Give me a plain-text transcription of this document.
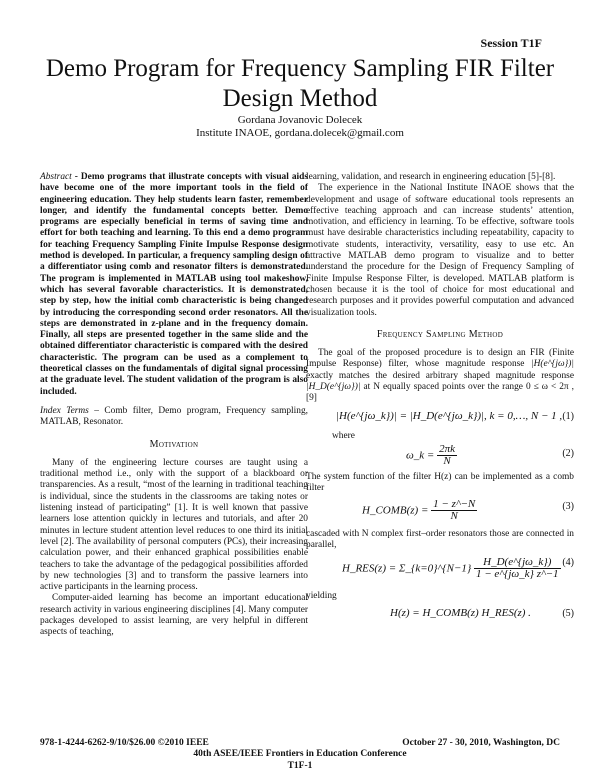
Session T1F
Demo Program for Frequency Sampling FIR Filter Design Method
Gordana Jovanovic Dolecek
Institute INAOE, gordana.dolecek@gmail.com

Abstract - Demo programs that illustrate concepts with visual aids have become one of the more important tools in the field of engineering education. They help students learn faster, remember longer, and identify the fundamental concepts better. Demo programs are especially beneficial in terms of saving time and effort for both teaching and learning. To this end a demo program for teaching Frequency Sampling Finite Impulse Response design method is developed. In particular, a frequency sampling design of a differentiator using comb and resonator filters is demonstrated. The program is implemented in MATLAB using tool makeshow, which has several favorable characteristics. It is demonstrated, step by step, how the initial comb characteristic is being changed by introducing the corresponding second order resonators. All the steps are demonstrated in z-plane and in the frequency domain. Finally, all steps are presented together in the same slide and the obtained differentiator characteristic is compared with the desired characteristic. The program can be used as a complement to theoretical classes on the fundamentals of digital signal processing at the graduate level. The student validation of the program is also included.

Index Terms – Comb filter, Demo program, Frequency sampling, MATLAB, Resonator.

Motivation

Many of the engineering lecture courses are taught using a traditional method i.e., only with the support of a blackboard or transparencies. As a result, “most of the learning in traditional teaching is individual, since the students in the classrooms are taking notes or listening instead of participating” [1]. It is well known that passive learners lose attention quickly in lectures and tutorials, and after 20 minutes in lecture student attention level reduces to one third its initial level [2]. The availability of personal computers (PCs), their increasing calculation power, and their enhanced graphical possibilities enable teachers to take the advantage of the pedagogical possibilities afforded by new technologies [3] and to transform the passive learners into active participants in the learning process.

Computer-aided learning has become an important educational research activity in various engineering disciplines [4]. Many computer packages developed to assist learning, are very helpful in different aspects of teaching,

learning, validation, and research in engineering education [5]-[8].

The experience in the National Institute INAOE shows that the development and usage of software educational tools represents an effective teaching approach and can increase students’ attention, motivation, and efficiency in learning. To be effective, software tools must have desirable characteristics including repeatability, capacity to motivate students, interactivity, versatility, easy to use etc. An attractive MATLAB demo program to visualize and to better understand the procedure for the Design of Frequency Sampling of Finite Impulse Response Filter, is developed. MATLAB platform is chosen because it is the tool of choice for most educational and research purposes and it provides powerful computation and advanced visualization tools.

Frequency Sampling Method

The goal of the proposed procedure is to design an FIR (Finite Impulse Response) filter, whose magnitude response |H(e^{jω})| exactly matches the desired arbitrary shaped magnitude response |H_D(e^{jω})| at N equally spaced points over the range 0 ≤ ω < 2π , [9]

|H(e^{jω_k})| = |H_D(e^{jω_k})|, k = 0,…, N − 1 , (1)

where

ω_k = $\frac{2\pi k}{N}$	(2)

The system function of the filter H(z) can be implemented as a comb filter

H_COMB(z) = $\frac{1 - z\^{}-N}{N}$	(3)

cascaded with N complex first–order resonators those are connected in parallel,

H_RES(z) = Σ_{k=0}^{N−1} $\frac{H\_D(e\^{}\{j\omega\_k\})}{1 - e\^{}\{j\omega\_k\} z\^{}-1} (4)$

yielding

H(z) = H_COMB(z) H_RES(z) .	(5)
978-1-4244-6262-9/10/$26.00 ©2010 IEEE	October 27 - 30, 2010, Washington, DC
40th ASEE/IEEE Frontiers in Education Conference
T1F-1
